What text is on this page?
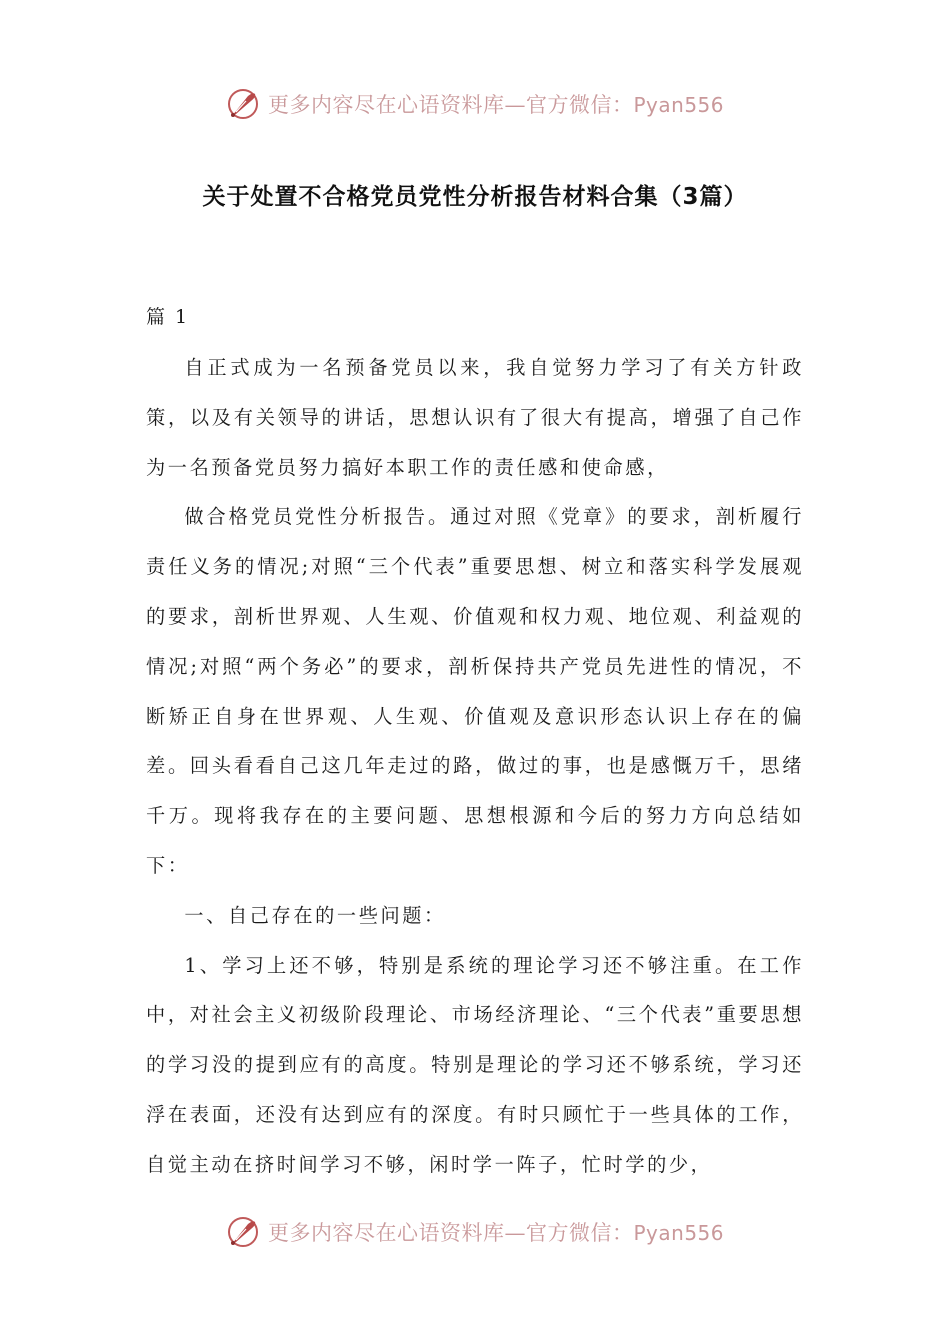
更多内容尽在心语资料库—官方微信：Pyan556
关于处置不合格党员党性分析报告材料合集（3篇）

篇 1

自正式成为一名预备党员以来，我自觉努力学习了有关方针政策，以及有关领导的讲话，思想认识有了很大有提高，增强了自己作为一名预备党员努力搞好本职工作的责任感和使命感，

做合格党员党性分析报告。通过对照《党章》的要求，剖析履行责任义务的情况;对照“三个代表”重要思想、树立和落实科学发展观的要求，剖析世界观、人生观、价值观和权力观、地位观、利益观的情况;对照“两个务必”的要求，剖析保持共产党员先进性的情况，不断矫正自身在世界观、人生观、价值观及意识形态认识上存在的偏差。回头看看自己这几年走过的路，做过的事，也是感慨万千，思绪千万。现将我存在的主要问题、思想根源和今后的努力方向总结如下：

一、自己存在的一些问题：

1、学习上还不够，特别是系统的理论学习还不够注重。在工作中，对社会主义初级阶段理论、市场经济理论、“三个代表”重要思想的学习没的提到应有的高度。特别是理论的学习还不够系统，学习还浮在表面，还没有达到应有的深度。有时只顾忙于一些具体的工作，自觉主动在挤时间学习不够，闲时学一阵子，忙时学的少，

更多内容尽在心语资料库—官方微信：Pyan556
